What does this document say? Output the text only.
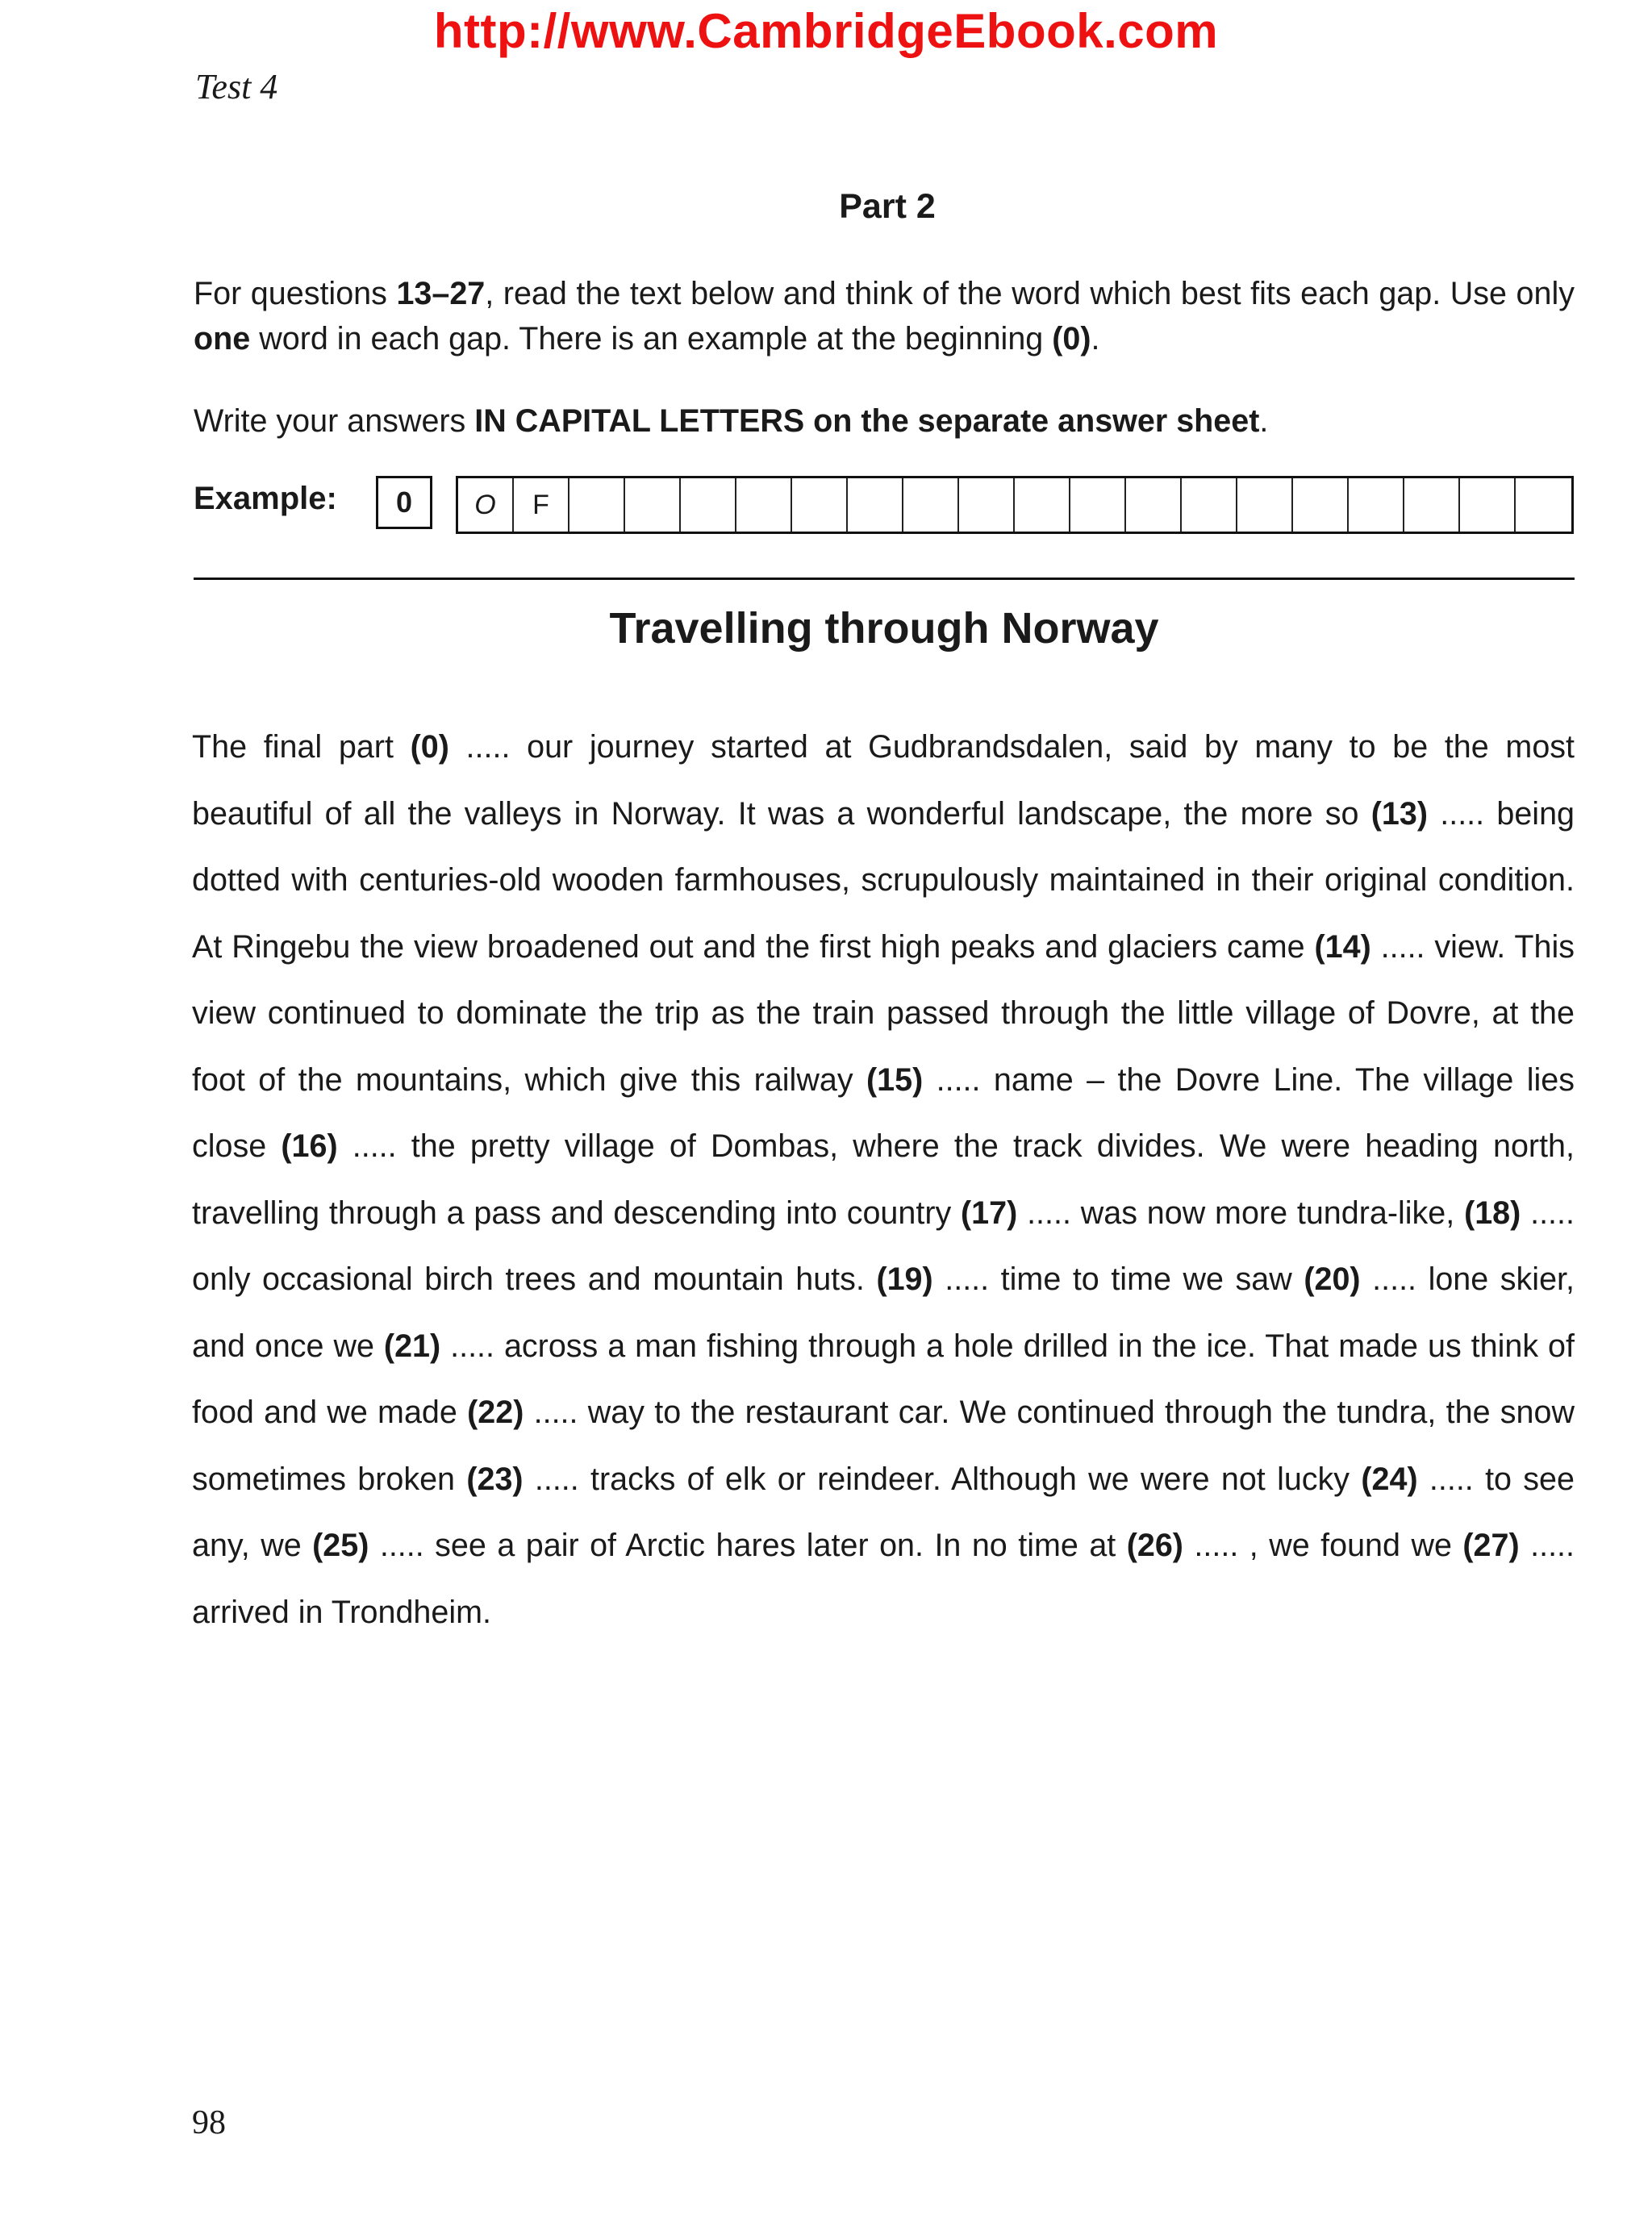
http://www.CambridgeEbook.com
Test 4
Part 2
For questions 13–27, read the text below and think of the word which best fits each gap. Use only one word in each gap. There is an example at the beginning (0).
Write your answers IN CAPITAL LETTERS on the separate answer sheet.
Example:	0	O	F
Travelling through Norway
The final part (0) ..... our journey started at Gudbrandsdalen, said by many to be the most beautiful of all the valleys in Norway. It was a wonderful landscape, the more so (13) ..... being dotted with centuries-old wooden farmhouses, scrupulously maintained in their original condition. At Ringebu the view broadened out and the first high peaks and glaciers came (14) ..... view. This view continued to dominate the trip as the train passed through the little village of Dovre, at the foot of the mountains, which give this railway (15) ..... name – the Dovre Line. The village lies close (16) ..... the pretty village of Dombas, where the track divides. We were heading north, travelling through a pass and descending into country (17) ..... was now more tundra-like, (18) ..... only occasional birch trees and mountain huts. (19) ..... time to time we saw (20) ..... lone skier, and once we (21) ..... across a man fishing through a hole drilled in the ice. That made us think of food and we made (22) ..... way to the restaurant car. We continued through the tundra, the snow sometimes broken (23) ..... tracks of elk or reindeer. Although we were not lucky (24) ..... to see any, we (25) ..... see a pair of Arctic hares later on. In no time at (26) ..... , we found we (27) ..... arrived in Trondheim.
98
